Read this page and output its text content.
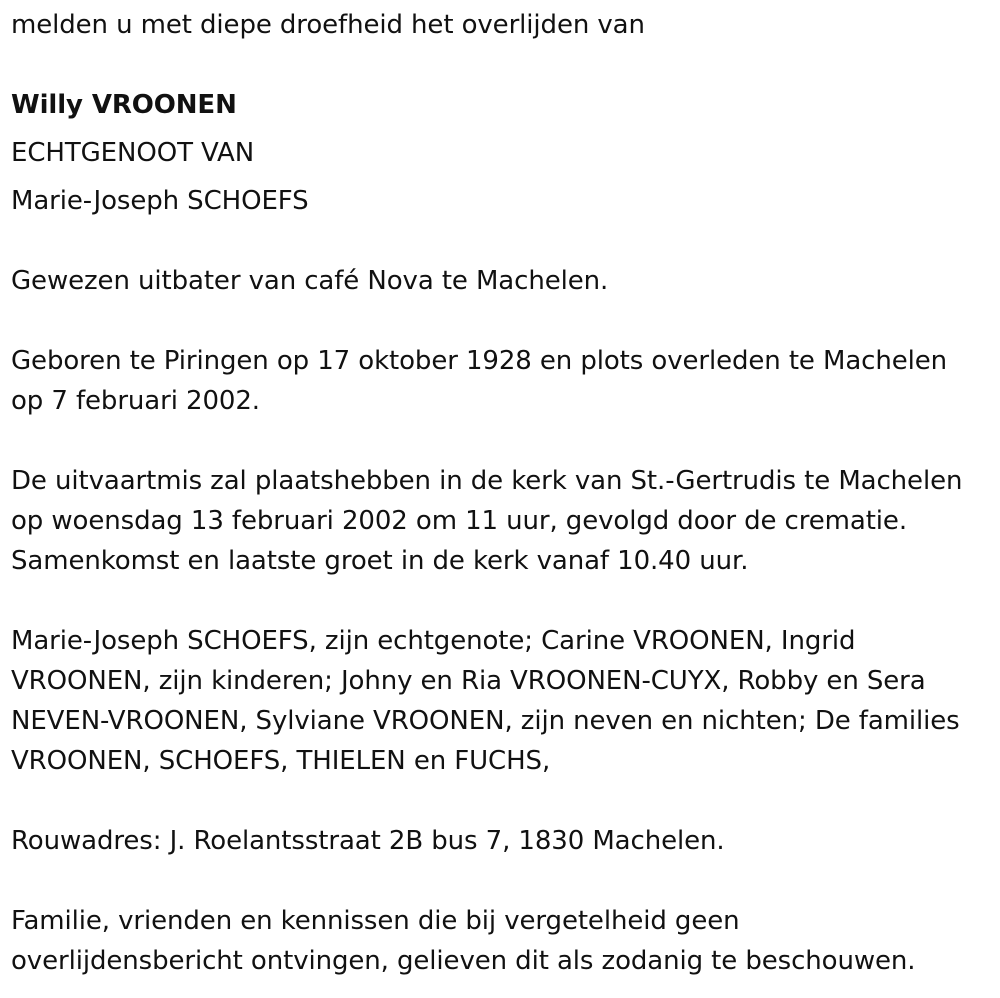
melden u met diepe droefheid het overlijden van
Willy VROONEN
ECHTGENOOT VAN
Marie-Joseph SCHOEFS
Gewezen uitbater van café Nova te Machelen.
Geboren te Piringen op 17 oktober 1928 en plots overleden te Machelen
op 7 februari 2002.
De uitvaartmis zal plaatshebben in de kerk van St.-Gertrudis te Machelen
op woensdag 13 februari 2002 om 11 uur, gevolgd door de crematie.
Samenkomst en laatste groet in de kerk vanaf 10.40 uur.
Marie-Joseph SCHOEFS, zijn echtgenote; Carine VROONEN, Ingrid
VROONEN, zijn kinderen; Johny en Ria VROONEN-CUYX, Robby en Sera
NEVEN-VROONEN, Sylviane VROONEN, zijn neven en nichten; De families
VROONEN, SCHOEFS, THIELEN en FUCHS,
Rouwadres: J. Roelantsstraat 2B bus 7, 1830 Machelen.
Familie, vrienden en kennissen die bij vergetelheid geen
overlijdensbericht ontvingen, gelieven dit als zodanig te beschouwen.
